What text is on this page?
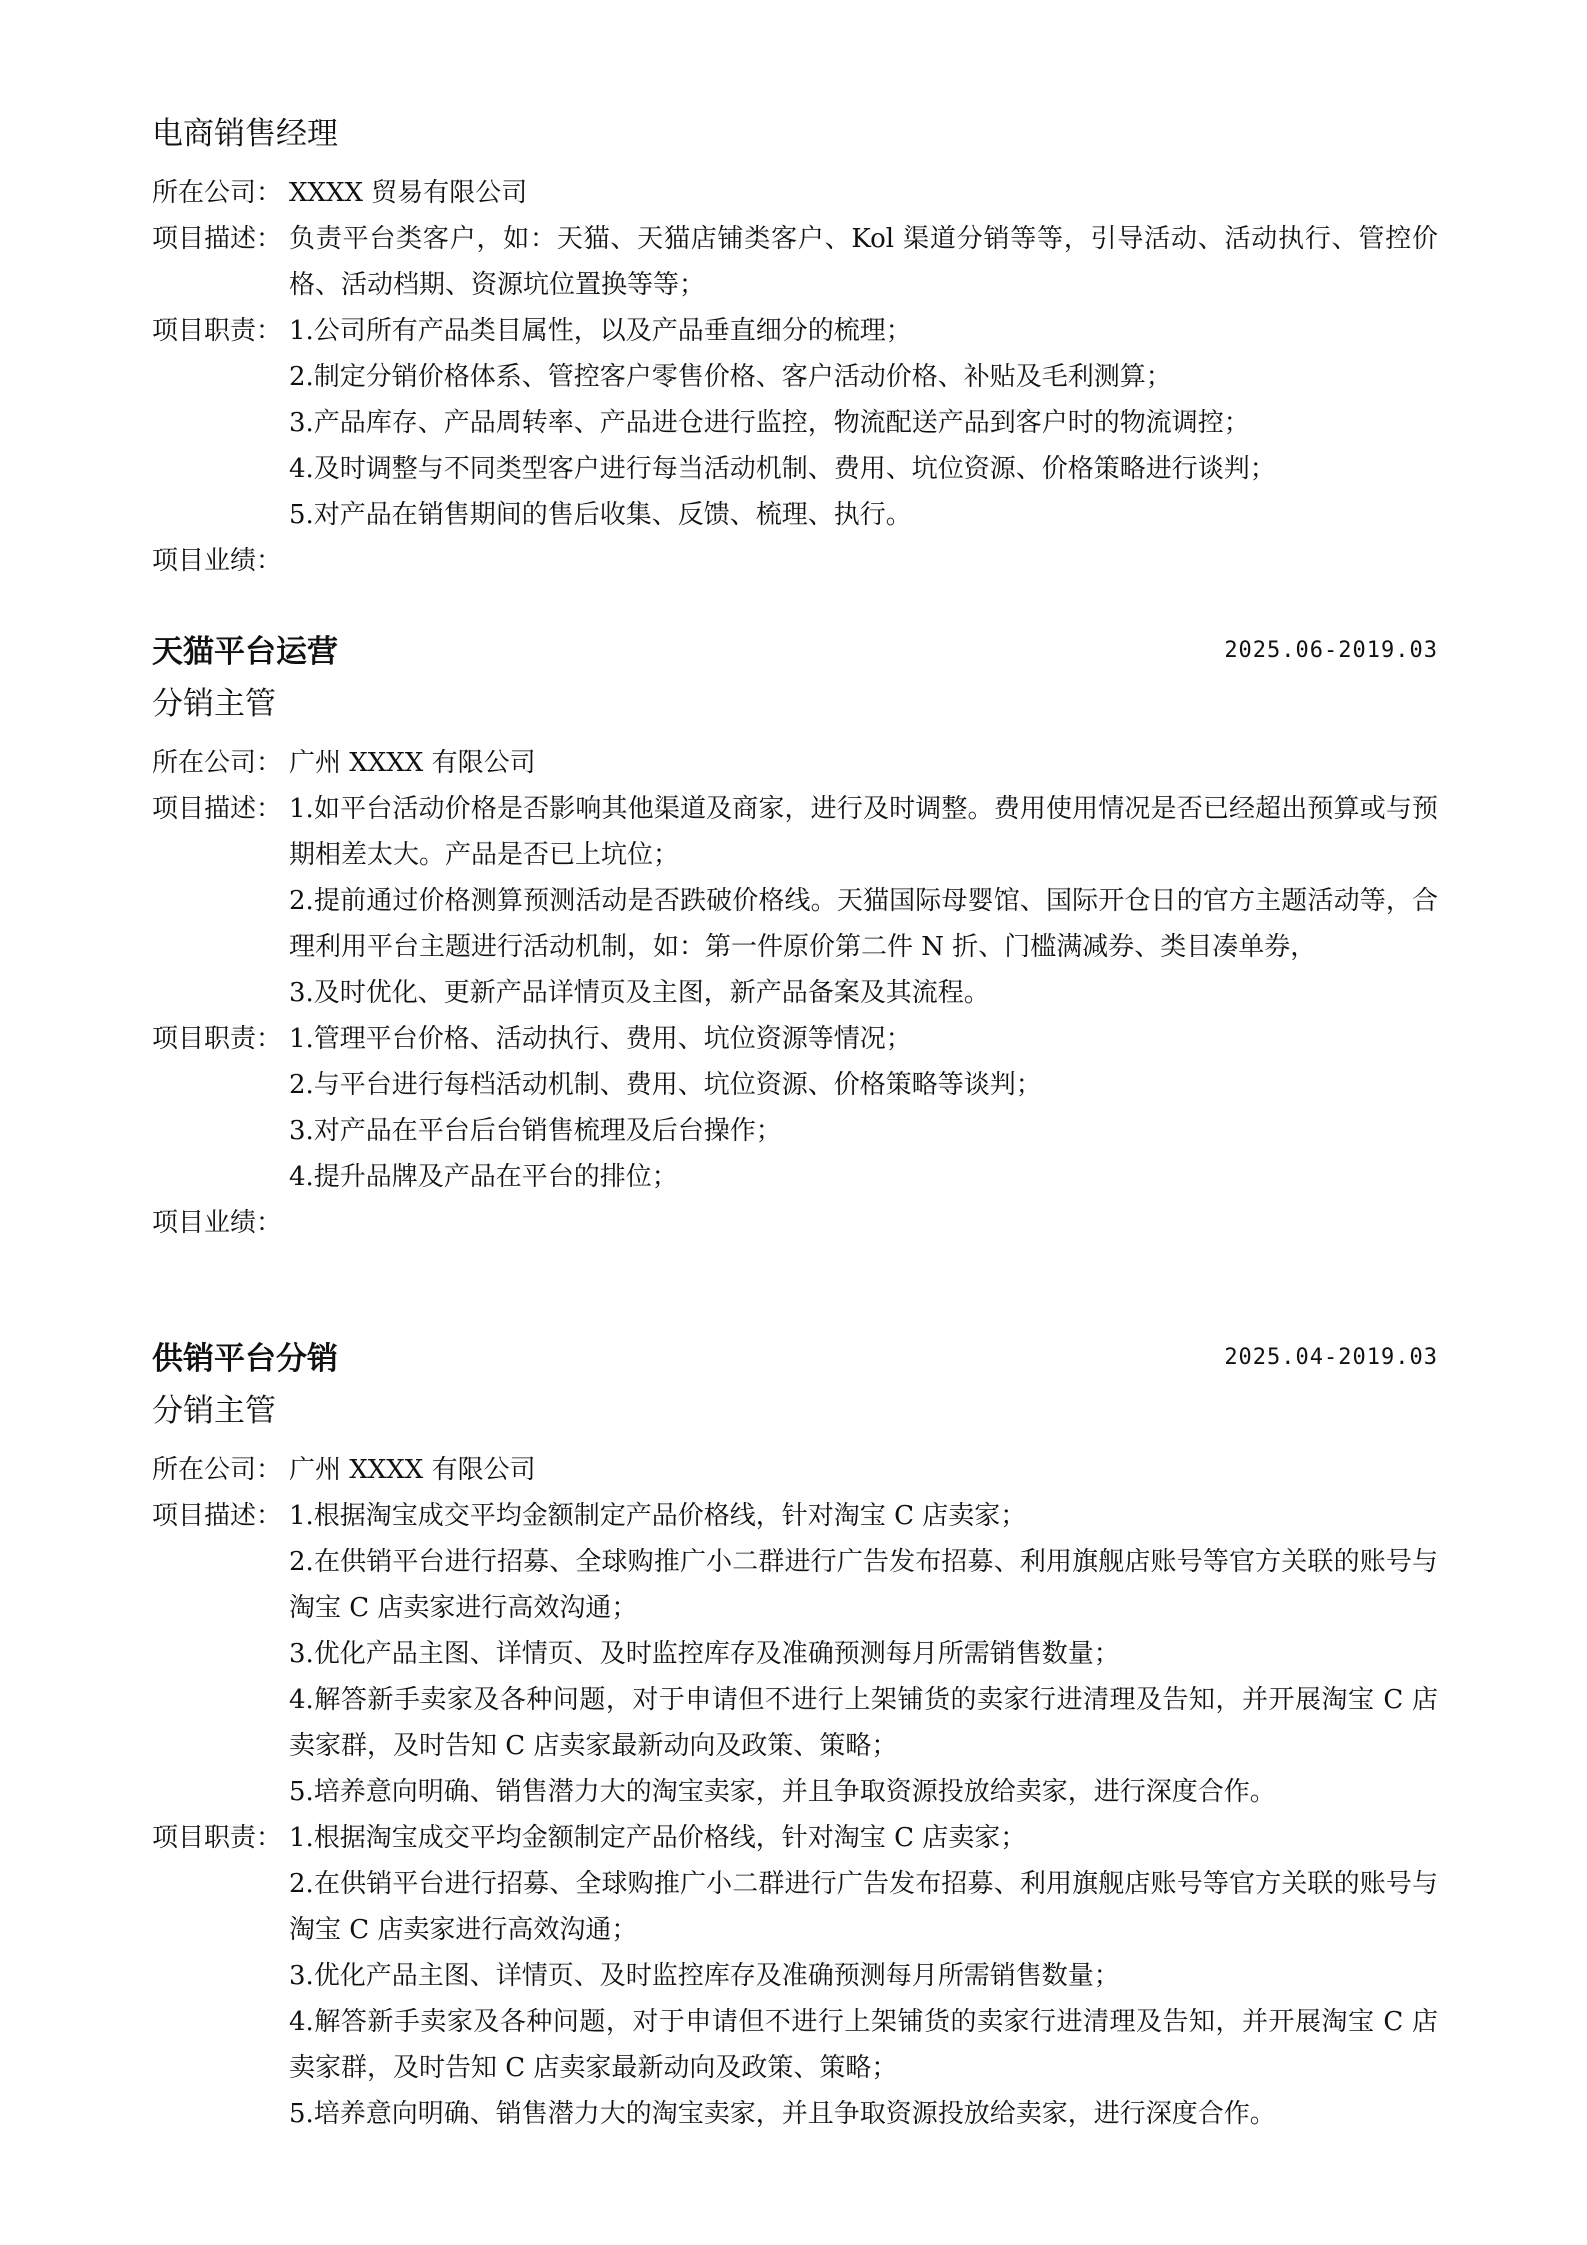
电商销售经理
所在公司： XXXX 贸易有限公司
项目描述： 负责平台类客户，如：天猫、天猫店铺类客户、Kol 渠道分销等等，引导活动、活动执行、管控价格、活动档期、资源坑位置换等等；
项目职责： 1.公司所有产品类目属性，以及产品垂直细分的梳理；
2.制定分销价格体系、管控客户零售价格、客户活动价格、补贴及毛利测算；
3.产品库存、产品周转率、产品进仓进行监控，物流配送产品到客户时的物流调控；
4.及时调整与不同类型客户进行每当活动机制、费用、坑位资源、价格策略进行谈判；
5.对产品在销售期间的售后收集、反馈、梳理、执行。
项目业绩：
天猫平台运营	2025.06-2019.03
分销主管
所在公司： 广州 XXXX 有限公司
项目描述： 1.如平台活动价格是否影响其他渠道及商家，进行及时调整。费用使用情况是否已经超出预算或与预期相差太大。产品是否已上坑位；
2.提前通过价格测算预测活动是否跌破价格线。天猫国际母婴馆、国际开仓日的官方主题活动等，合理利用平台主题进行活动机制，如：第一件原价第二件 N 折、门槛满减券、类目凑单券，
3.及时优化、更新产品详情页及主图，新产品备案及其流程。
项目职责： 1.管理平台价格、活动执行、费用、坑位资源等情况；
2.与平台进行每档活动机制、费用、坑位资源、价格策略等谈判；
3.对产品在平台后台销售梳理及后台操作；
4.提升品牌及产品在平台的排位；
项目业绩：
供销平台分销	2025.04-2019.03
分销主管
所在公司： 广州 XXXX 有限公司
项目描述： 1.根据淘宝成交平均金额制定产品价格线，针对淘宝 C 店卖家；
2.在供销平台进行招募、全球购推广小二群进行广告发布招募、利用旗舰店账号等官方关联的账号与淘宝 C 店卖家进行高效沟通；
3.优化产品主图、详情页、及时监控库存及准确预测每月所需销售数量；
4.解答新手卖家及各种问题，对于申请但不进行上架铺货的卖家行进清理及告知，并开展淘宝 C 店卖家群，及时告知 C 店卖家最新动向及政策、策略；
5.培养意向明确、销售潜力大的淘宝卖家，并且争取资源投放给卖家，进行深度合作。
项目职责： 1.根据淘宝成交平均金额制定产品价格线，针对淘宝 C 店卖家；
2.在供销平台进行招募、全球购推广小二群进行广告发布招募、利用旗舰店账号等官方关联的账号与淘宝 C 店卖家进行高效沟通；
3.优化产品主图、详情页、及时监控库存及准确预测每月所需销售数量；
4.解答新手卖家及各种问题，对于申请但不进行上架铺货的卖家行进清理及告知，并开展淘宝 C 店卖家群，及时告知 C 店卖家最新动向及政策、策略；
5.培养意向明确、销售潜力大的淘宝卖家，并且争取资源投放给卖家，进行深度合作。
